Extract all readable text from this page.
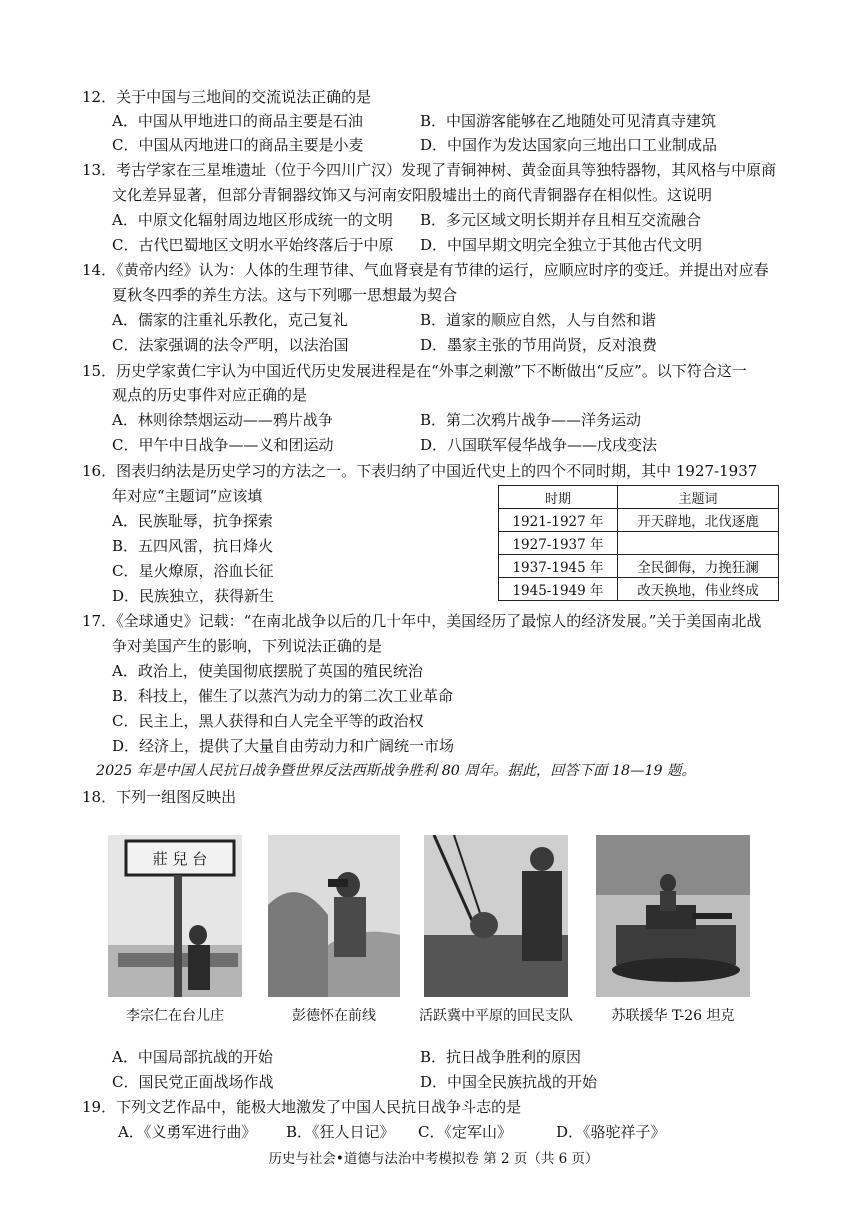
12．关于中国与三地间的交流说法正确的是
A．中国从甲地进口的商品主要是石油	B．中国游客能够在乙地随处可见清真寺建筑
C．中国从丙地进口的商品主要是小麦	D．中国作为发达国家向三地出口工业制成品
13．考古学家在三星堆遗址（位于今四川广汉）发现了青铜神树、黄金面具等独特器物，其风格与中原商
文化差异显著，但部分青铜器纹饰又与河南安阳殷墟出土的商代青铜器存在相似性。这说明
A．中原文化辐射周边地区形成统一的文明 B．多元区域文明长期并存且相互交流融合
C．古代巴蜀地区文明水平始终落后于中原 D．中国早期文明完全独立于其他古代文明
14．《黄帝内经》认为：人体的生理节律、气血肾衰是有节律的运行，应顺应时序的变迁。并提出对应春
夏秋冬四季的养生方法。这与下列哪一思想最为契合
A．儒家的注重礼乐教化，克己复礼	B．道家的顺应自然，人与自然和谐
C．法家强调的法令严明，以法治国	D．墨家主张的节用尚贤，反对浪费
15．历史学家黄仁宇认为中国近代历史发展进程是在“外事之刺激”下不断做出“反应”。以下符合这一
观点的历史事件对应正确的是
A．林则徐禁烟运动——鸦片战争	B．第二次鸦片战争——洋务运动
C．甲午中日战争——义和团运动	D．八国联军侵华战争——戊戌变法
16．图表归纳法是历史学习的方法之一。下表归纳了中国近代史上的四个不同时期，其中 1927-1937
年对应“主题词”应该填
A．民族耻辱，抗争探索
B．五四风雷，抗日烽火
C．星火燎原，浴血长征
D．民族独立，获得新生
时期	主题词
1921-1927 年	开天辟地，北伐逐鹿
1927-1937 年	
1937-1945 年	全民御侮，力挽狂澜
1945-1949 年	改天换地，伟业终成
17．《全球通史》记载：“在南北战争以后的几十年中，美国经历了最惊人的经济发展。”关于美国南北战
争对美国产生的影响，下列说法正确的是
A．政治上，使美国彻底摆脱了英国的殖民统治
B．科技上，催生了以蒸汽为动力的第二次工业革命
C．民主上，黑人获得和白人完全平等的政治权
D．经济上，提供了大量自由劳动力和广阔统一市场
2025 年是中国人民抗日战争暨世界反法西斯战争胜利 80 周年。据此，回答下面 18—19 题。
18．下列一组图反映出
莊 兒 台
李宗仁在台儿庄	彭德怀在前线	活跃冀中平原的回民支队	苏联援华 T-26 坦克
A．中国局部抗战的开始	B．抗日战争胜利的原因
C．国民党正面战场作战	D．中国全民族抗战的开始
19．下列文艺作品中，能极大地激发了中国人民抗日战争斗志的是
A．《义勇军进行曲》 B．《狂人日记》 C．《定军山》	D．《骆驼祥子》
历史与社会•道德与法治中考模拟卷 第 2 页（共 6 页）
